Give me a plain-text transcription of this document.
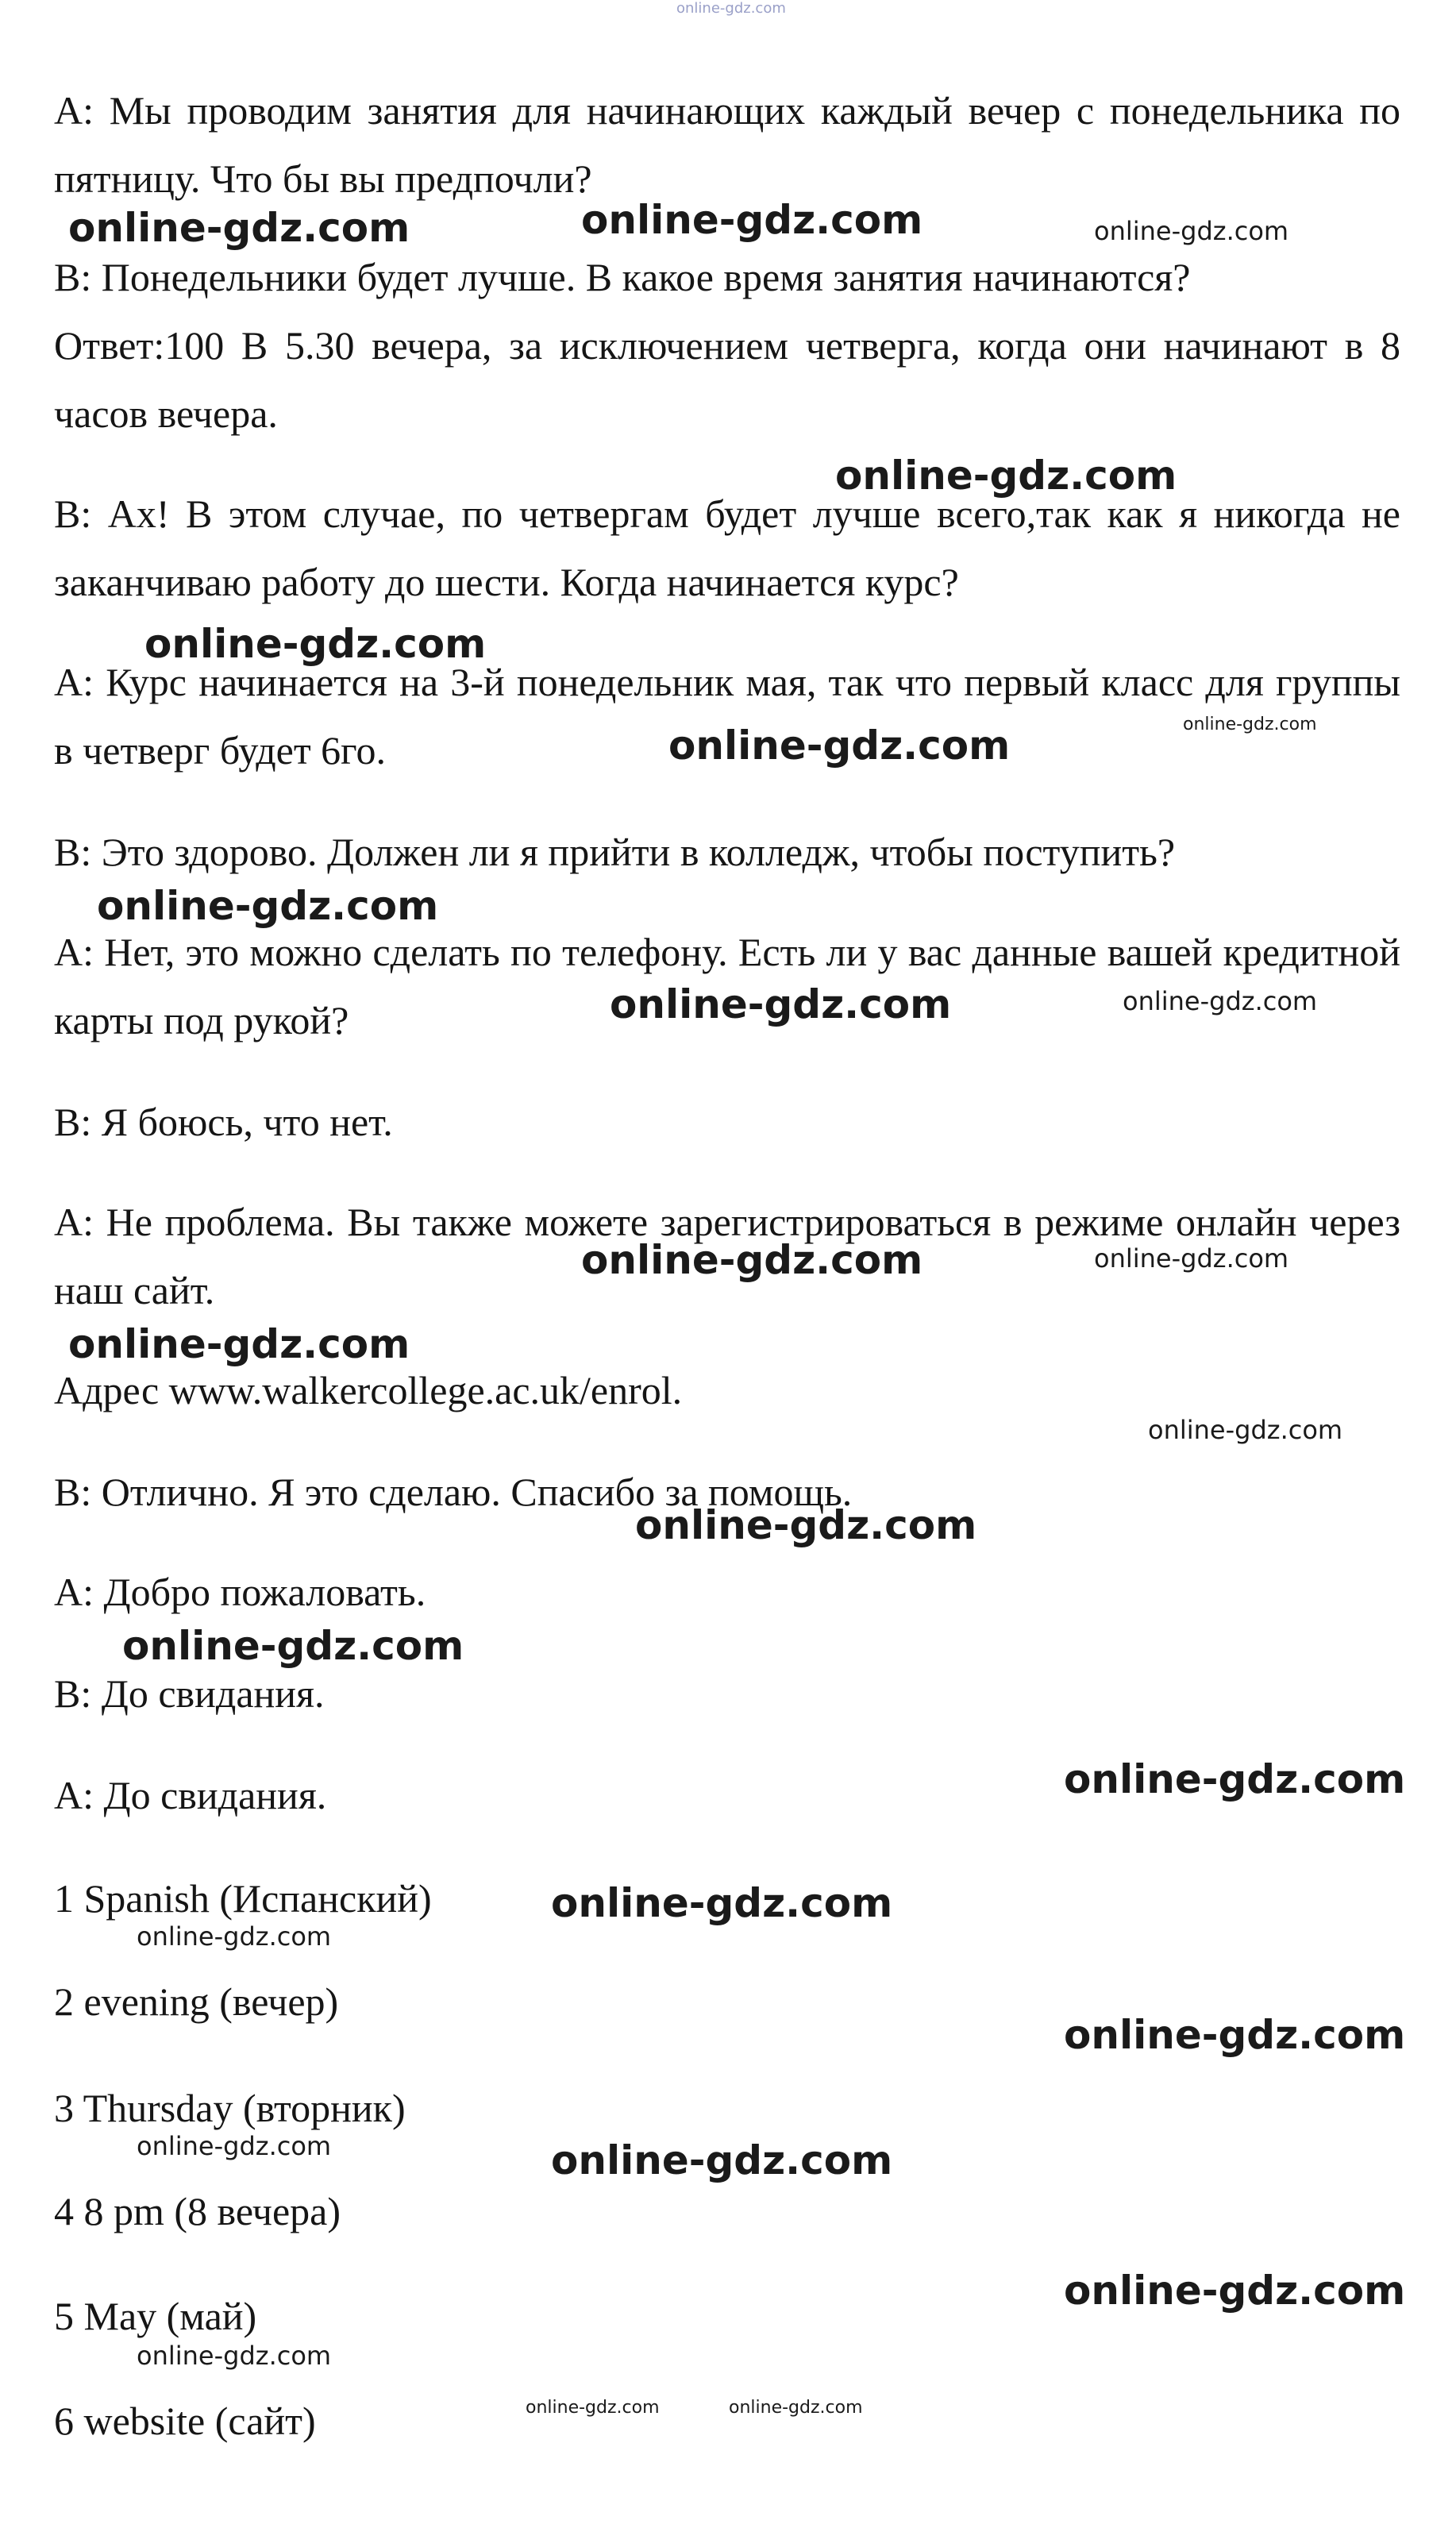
online-gdz.com

А: Мы проводим занятия для начинающих каждый вечер с понедельника по пятницу. Что бы вы предпочли?

В: Понедельники будет лучше. В какое время занятия начинаются?

Ответ:100 В 5.30 вечера, за исключением четверга, когда они начинают в 8 часов вечера.

В: Ах! В этом случае, по четвергам будет лучше всего,так как я никогда не заканчиваю работу до шести. Когда начинается курс?

А: Курс начинается на 3-й понедельник мая, так что первый класс для группы в четверг будет 6го.

В: Это здорово. Должен ли я прийти в колледж, чтобы поступить?

А: Нет, это можно сделать по телефону. Есть ли у вас данные вашей кредитной карты под рукой?

В: Я боюсь, что нет.

А: Не проблема. Вы также можете зарегистрироваться в режиме онлайн через наш сайт.

Адрес www.walkercollege.ac.uk/enrol.

В: Отлично. Я это сделаю. Спасибо за помощь.

А: Добро пожаловать.

В: До свидания.

А: До свидания.

1 Spanish (Испанский)

2 evening (вечер)

3 Thursday (вторник)

4 8 pm (8 вечера)

5 May (май)

6 website (сайт)

online-gdz.com	online-gdz.com	online-gdz.com
online-gdz.com
online-gdz.com
online-gdz.com	online-gdz.com
online-gdz.com
online-gdz.com	online-gdz.com
online-gdz.com	online-gdz.com
online-gdz.com
online-gdz.com
online-gdz.com
online-gdz.com
online-gdz.com
online-gdz.com
online-gdz.com
online-gdz.com
online-gdz.com	online-gdz.com
online-gdz.com
online-gdz.com
online-gdz.com	online-gdz.com
